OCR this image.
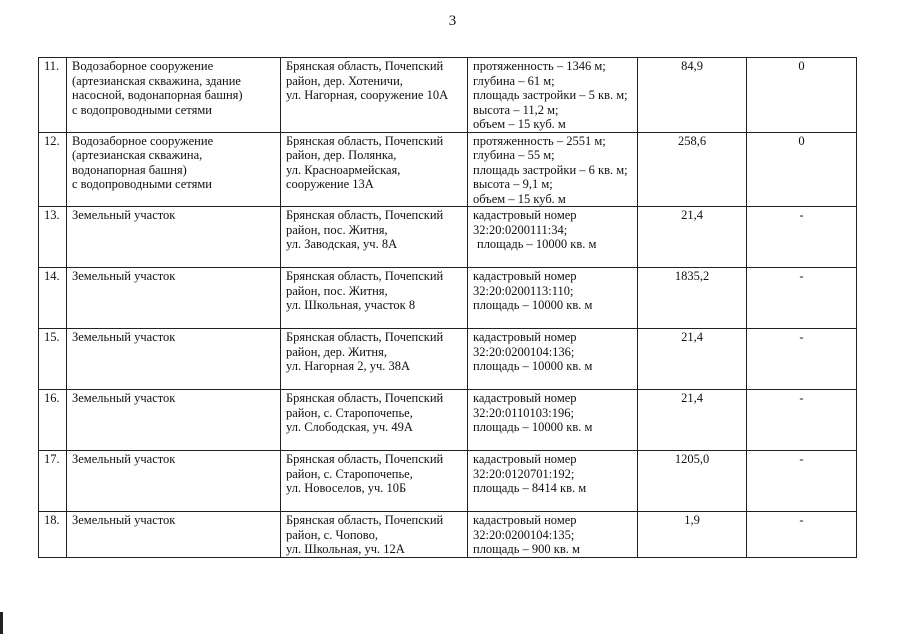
3
11.	Водозаборное сооружение
(артезианская скважина, здание
насосной, водонапорная башня)
с водопроводными сетями	Брянская область, Почепский
район, дер. Хотеничи,
ул. Нагорная, сооружение 10А	протяженность – 1346 м;
глубина – 61 м;
площадь застройки – 5 кв. м;
высота – 11,2 м;
объем – 15 куб. м	84,9	0
12.	Водозаборное сооружение
(артезианская скважина,
водонапорная башня)
с водопроводными сетями	Брянская область, Почепский
район, дер. Полянка,
ул. Красноармейская,
сооружение 13А	протяженность – 2551 м;
глубина – 55 м;
площадь застройки – 6 кв. м;
высота – 9,1 м;
объем – 15 куб. м	258,6	0
13.	Земельный участок	Брянская область, Почепский
район, пос. Житня,
ул. Заводская, уч. 8А	кадастровый номер
32:20:0200111:34;
площадь – 10000 кв. м	21,4	-
14.	Земельный участок	Брянская область, Почепский
район, пос. Житня,
ул. Школьная, участок 8	кадастровый номер
32:20:0200113:110;
площадь – 10000 кв. м	1835,2	-
15.	Земельный участок	Брянская область, Почепский
район, дер. Житня,
ул. Нагорная 2, уч. 38А	кадастровый номер
32:20:0200104:136;
площадь – 10000 кв. м	21,4	-
16.	Земельный участок	Брянская область, Почепский
район, с. Старопочепье,
ул. Слободская, уч. 49А	кадастровый номер
32:20:0110103:196;
площадь – 10000 кв. м	21,4	-
17.	Земельный участок	Брянская область, Почепский
район, с. Старопочепье,
ул. Новоселов, уч. 10Б	кадастровый номер
32:20:0120701:192;
площадь – 8414 кв. м	1205,0	-
18.	Земельный участок	Брянская область, Почепский
район, с. Чопово,
ул. Школьная, уч. 12А	кадастровый номер
32:20:0200104:135;
площадь – 900 кв. м	1,9	-
